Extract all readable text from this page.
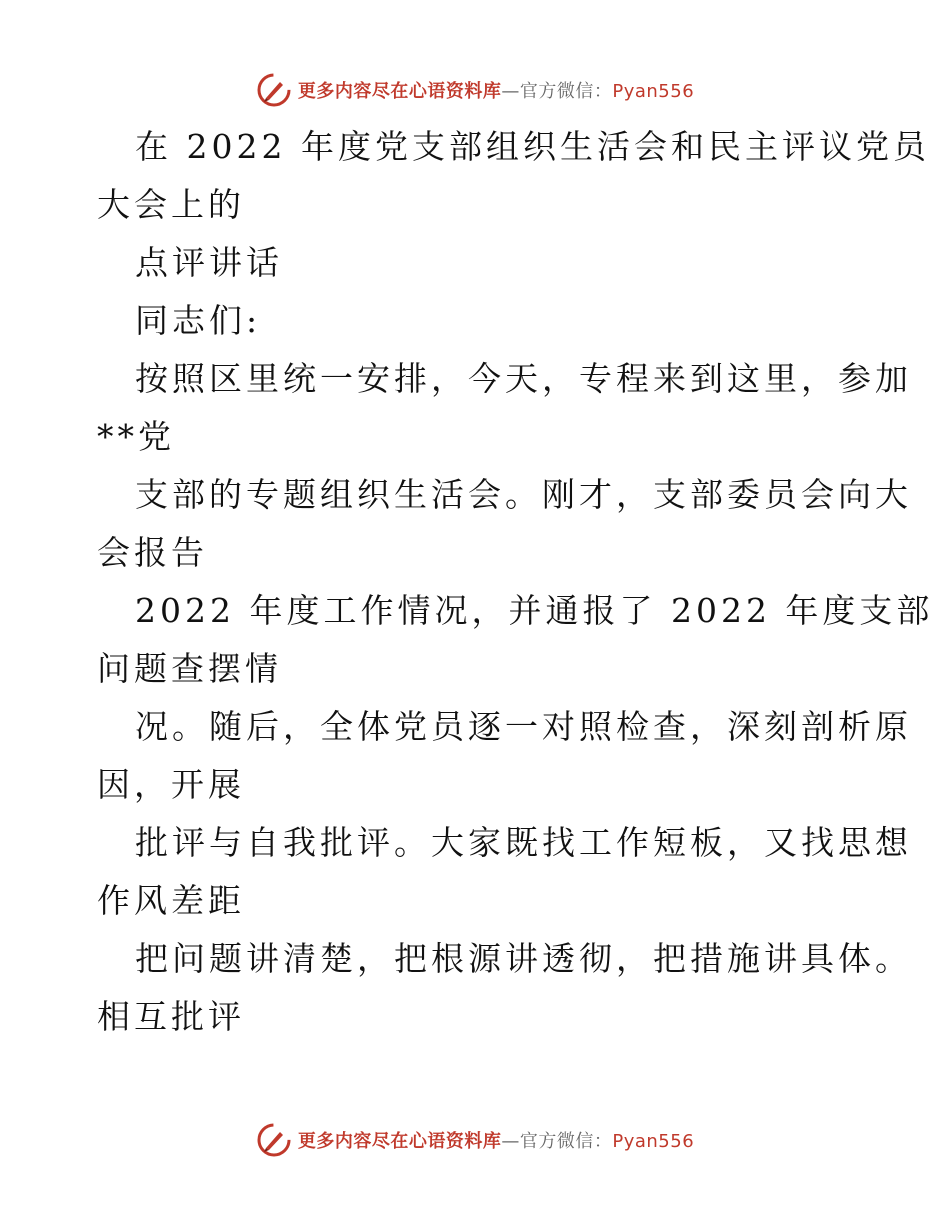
更多内容尽在心语资料库—官方微信：Pyan556
在 2022 年度党支部组织生活会和民主评议党员
大会上的
点评讲话
同志们:
按照区里统一安排，今天，专程来到这里，参加
**党
支部的专题组织生活会。刚才，支部委员会向大
会报告
2022 年度工作情况，并通报了 2022 年度支部
问题查摆情
况。随后，全体党员逐一对照检查，深刻剖析原
因，开展
批评与自我批评。大家既找工作短板，又找思想
作风差距
把问题讲清楚，把根源讲透彻，把措施讲具体。
相互批评
更多内容尽在心语资料库—官方微信：Pyan556
